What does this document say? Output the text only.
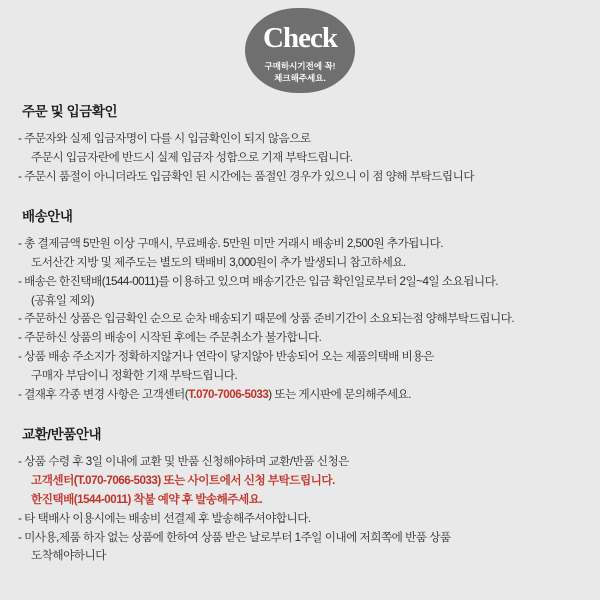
Check
구매하시기전에 꼭!
체크해주세요.
주문 및 입금확인
- 주문자와 실제 입금자명이 다를 시 입금확인이 되지 않음으로
주문시 입금자란에 반드시 실제 입금자 성함으로 기재 부탁드립니다.
- 주문시 품절이 아니더라도 입금확인 된 시간에는 품절인 경우가 있으니 이 점 양해 부탁드립니다
배송안내
- 총 결제금액 5만원 이상 구매시, 무료배송. 5만원 미만 거래시 배송비 2,500원 추가됩니다.
도서산간 지방 및 제주도는 별도의 택배비 3,000원이 추가 발생되니 참고하세요.
- 배송은 한진택배(1544-0011)를 이용하고 있으며 배송기간은 입금 확인일로부터 2일~4일 소요됩니다.
(공휴일 제외)
- 주문하신 상품은 입금확인 순으로 순차 배송되기 때문에 상품 준비기간이 소요되는점 양해부탁드립니다.
- 주문하신 상품의 배송이 시작된 후에는 주문취소가 불가합니다.
- 상품 배송 주소지가 정확하지않거나 연락이 닿지않아 반송되어 오는 제품의택배 비용은
구매자 부담이니 정확한 기재 부탁드립니다.
- 결재후 각종 변경 사항은 고객센터(T.070-7006-5033) 또는 게시판에 문의해주세요.
교환/반품안내
- 상품 수령 후 3일 이내에 교환 및 반품 신청해야하며 교환/반품 신청은
고객센터(T.070-7066-5033) 또는 사이트에서 신청 부탁드립니다.
한진택배(1544-0011) 착불 예약 후 발송해주세요.
- 타 택배사 이용시에는 배송비 선결제 후 발송해주셔야합니다.
- 미사용,제품 하자 없는 상품에 한하여 상품 받은 날로부터 1주일 이내에 저희쪽에 반품 상품
도착해야하니다
